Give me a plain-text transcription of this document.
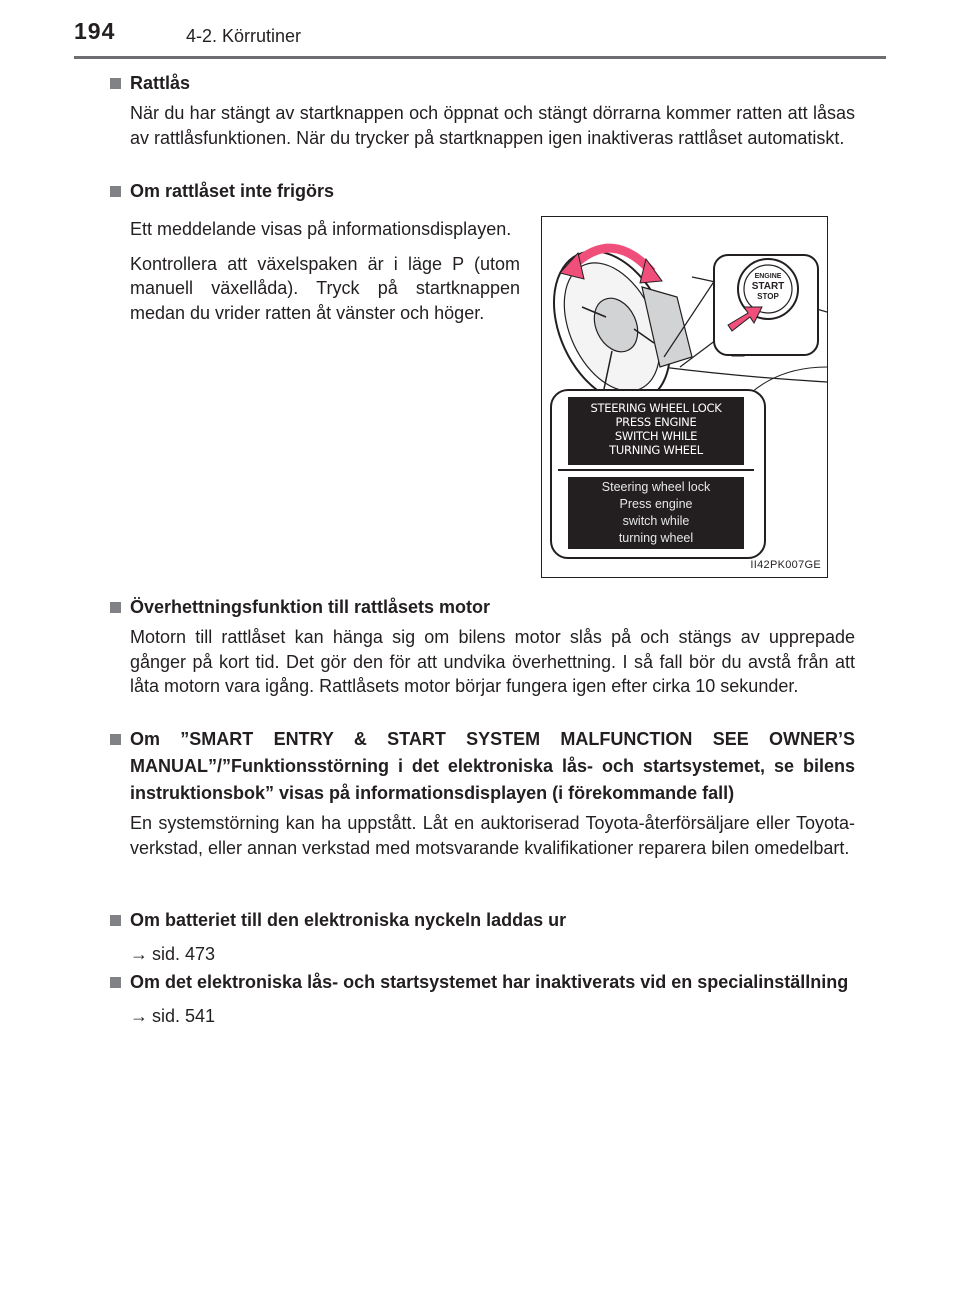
194	4-2. Körrutiner
Rattlås
När du har stängt av startknappen och öppnat och stängt dörrarna kommer ratten att låsas av rattlåsfunktionen. När du trycker på startknappen igen inaktiveras rattlåset automatiskt.
Om rattlåset inte frigörs

Ett meddelande visas på informationsdisplayen.

Kontrollera att växelspaken är i läge P (utom manuell växellåda). Tryck på startknappen medan du vrider ratten åt vänster och höger.

ENGINE
START
STOP
STEERING WHEEL LOCK
PRESS ENGINE
SWITCH WHILE
TURNING WHEEL
Steering wheel lock
Press engine
switch while
turning wheel
II42PK007GE
Överhettningsfunktion till rattlåsets motor
Motorn till rattlåset kan hänga sig om bilens motor slås på och stängs av upprepade gånger på kort tid. Det gör den för att undvika överhettning. I så fall bör du avstå från att låta motorn vara igång. Rattlåsets motor börjar fungera igen efter cirka 10 sekunder.
Om ”SMART ENTRY & START SYSTEM MALFUNCTION SEE OWNER’S MANUAL”/”Funktionsstörning i det elektroniska lås- och startsystemet, se bilens instruktionsbok” visas på informationsdisplayen (i förekommande fall)
En systemstörning kan ha uppstått. Låt en auktoriserad Toyota-återförsäljare eller Toyota-verkstad, eller annan verkstad med motsvarande kvalifikationer reparera bilen omedelbart.
Om batteriet till den elektroniska nyckeln laddas ur
→ sid. 473
Om det elektroniska lås- och startsystemet har inaktiverats vid en specialinställning
→ sid. 541
